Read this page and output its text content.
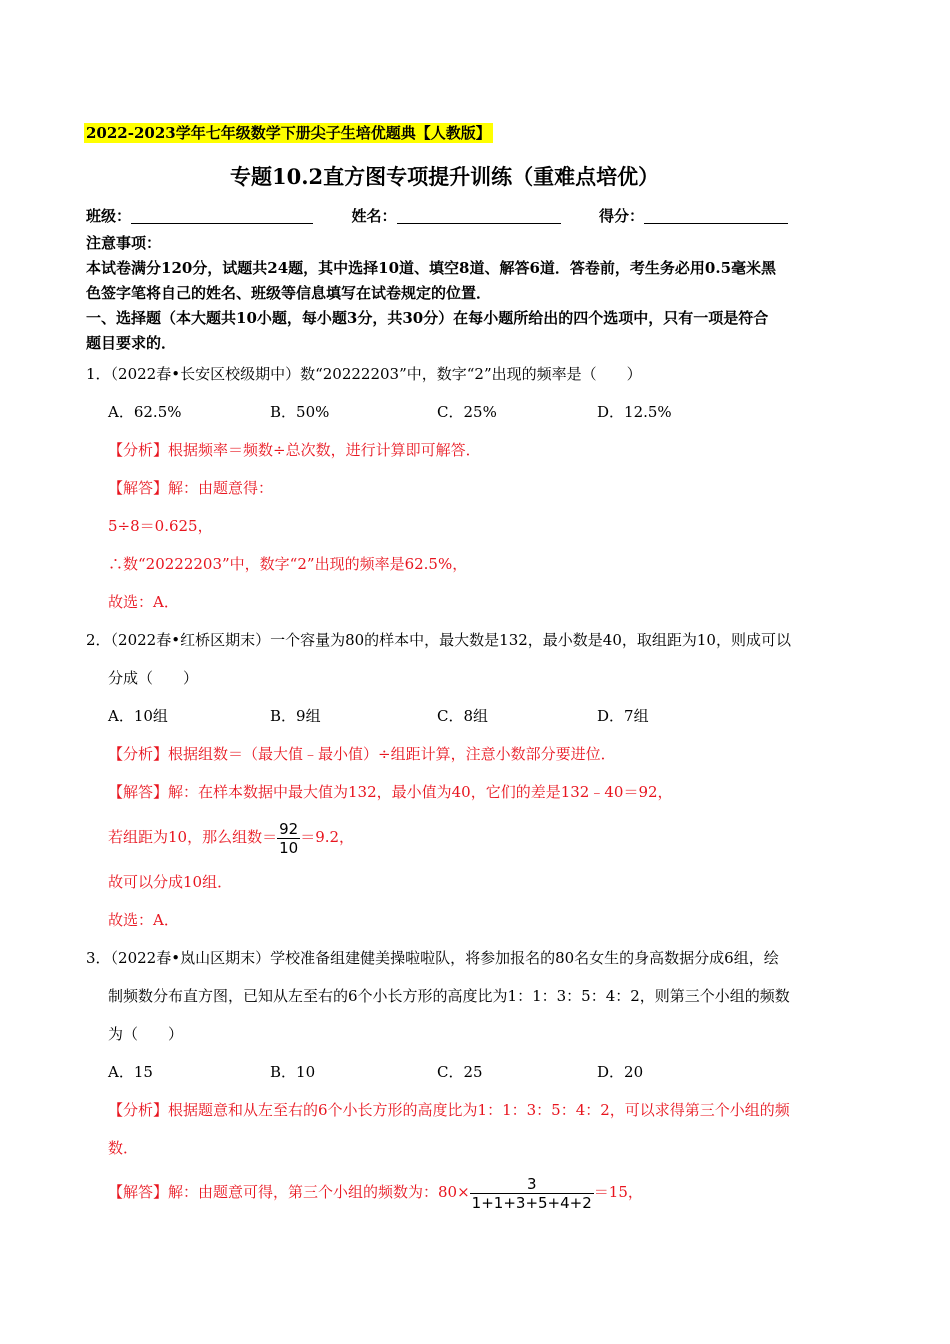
2022-2023学年七年级数学下册尖子生培优题典【人教版】
专题10.2直方图专项提升训练（重难点培优）
班级：	姓名：	得分：
注意事项：
本试卷满分120分，试题共24题，其中选择10道、填空8道、解答6道．答卷前，考生务必用0.5毫米黑
色签字笔将自己的姓名、班级等信息填写在试卷规定的位置．
一、选择题（本大题共10小题，每小题3分，共30分）在每小题所给出的四个选项中，只有一项是符合
题目要求的．
1．（2022春•长安区校级期中）数“20222203”中，数字“2”出现的频率是（　　）
A．62.5%	B．50%	C．25%	D．12.5%
【分析】根据频率＝频数÷总次数，进行计算即可解答．
【解答】解：由题意得：
5÷8＝0.625，
∴数“20222203”中，数字“2”出现的频率是62.5%，
故选：A．
2．（2022春•红桥区期末）一个容量为80的样本中，最大数是132，最小数是40，取组距为10，则成可以
分成（　　）
A．10组	B．9组	C．8组	D．7组
【分析】根据组数＝（最大值﹣最小值）÷组距计算，注意小数部分要进位．
【解答】解：在样本数据中最大值为132，最小值为40，它们的差是132﹣40＝92，
若组距为10，那么组数＝ $\frac{92}{10} =9.2$，
故可以分成10组．
故选：A．
3．（2022春•岚山区期末）学校准备组建健美操啦啦队，将参加报名的80名女生的身高数据分成6组，绘
制频数分布直方图，已知从左至右的6个小长方形的高度比为1：1：3：5：4：2，则第三个小组的频数
为（　　）
A．15	B．10	C．25	D．20
【分析】根据题意和从左至右的6个小长方形的高度比为1：1：3：5：4：2，可以求得第三个小组的频
数．
【解答】解：由题意可得，第三个小组的频数为：$80\times \frac{3}{1+1+3+5+4+2} =15$，
